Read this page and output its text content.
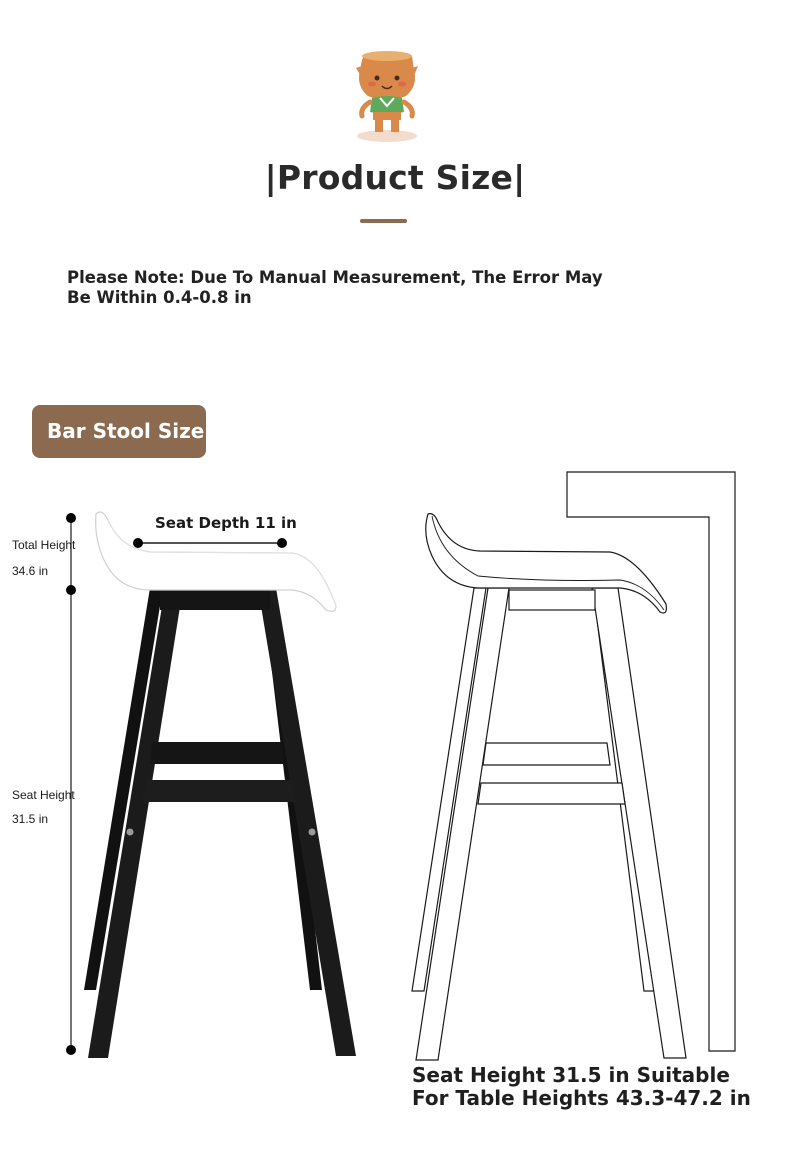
|Product Size|
Please Note: Due To Manual Measurement, The Error May Be Within 0.4-0.8 in
Bar Stool Size
Total Height
34.6 in
Seat Height
31.5 in
Seat Depth 11 in
Seat Height 31.5 in Suitable
For Table Heights 43.3-47.2 in
